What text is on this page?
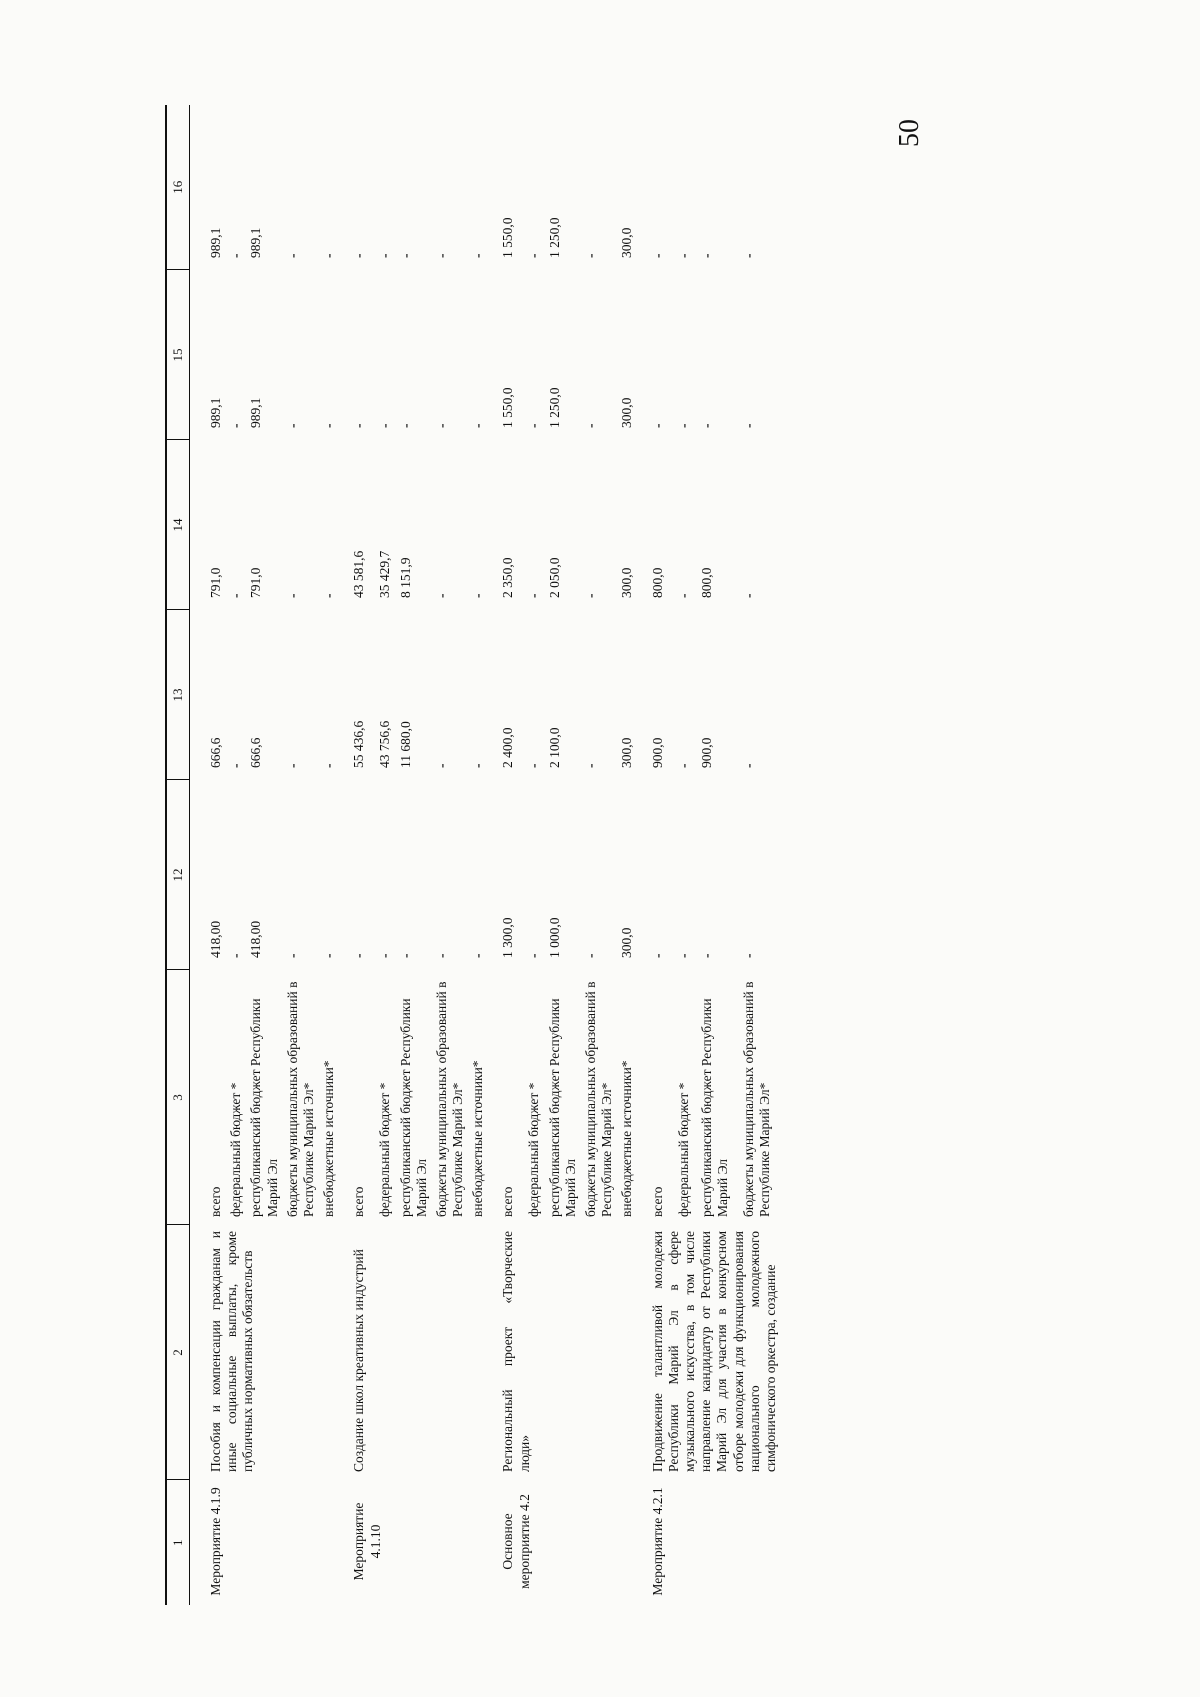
50
1	2	3	12	13	14	15	16
Мероприятие 4.1.9	Пособия и компенсации гражданам и иные социальные выплаты, кроме публичных нормативных обязательств	всего	418,00	666,6	791,0	989,1	989,1
		федеральный бюджет *	-	-	-	-	-
		республиканский бюджет Республики Марий Эл	418,00	666,6	791,0	989,1	989,1
		бюджеты муниципальных образований в Республике Марий Эл*	-	-	-	-	-
		внебюджетные источники*	-	-	-	-	-
Мероприятие 4.1.10	Создание школ креативных индустрий	всего	-	55 436,6	43 581,6	-	-
		федеральный бюджет *	-	43 756,6	35 429,7	-	-
		республиканский бюджет Республики Марий Эл	-	11 680,0	8 151,9	-	-
		бюджеты муниципальных образований в Республике Марий Эл*	-	-	-	-	-
		внебюджетные источники*	-	-	-	-	-
Основное мероприятие 4.2	Региональный проект «Творческие люди»	всего	1 300,0	2 400,0	2 350,0	1 550,0	1 550,0
		федеральный бюджет *	-	-	-	-	-
		республиканский бюджет Республики Марий Эл	1 000,0	2 100,0	2 050,0	1 250,0	1 250,0
		бюджеты муниципальных образований в Республике Марий Эл*	-	-	-	-	-
		внебюджетные источники*	300,0	300,0	300,0	300,0	300,0
Мероприятие 4.2.1	Продвижение талантливой молодежи Республики Марий Эл в сфере музыкального искусства, в том числе направление кандидатур от Республики Марий Эл для участия в конкурсном отборе молодежи для функционирования национального молодежного симфонического оркестра, создание	всего	-	900,0	800,0	-	-
		федеральный бюджет *	-	-	-	-	-
		республиканский бюджет Республики Марий Эл	-	900,0	800,0	-	-
		бюджеты муниципальных образований в Республике Марий Эл*	-	-	-	-	-
